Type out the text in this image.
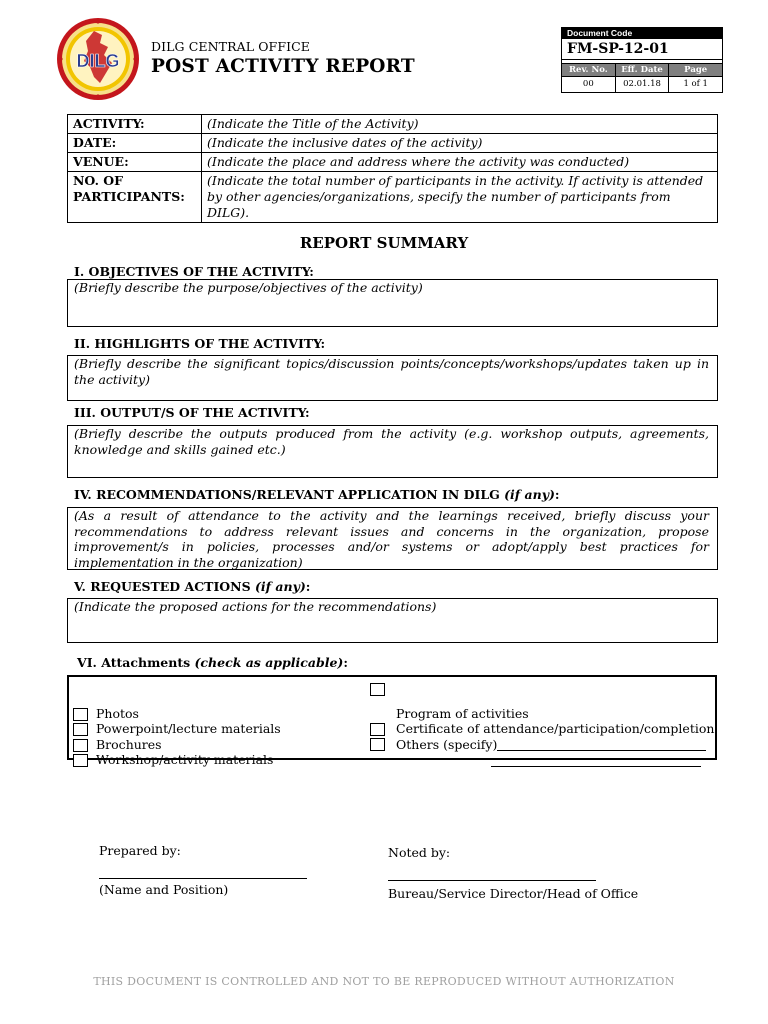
DILG
DILG CENTRAL OFFICE
POST ACTIVITY REPORT
Document Code
FM-SP-12-01
Rev. No.	Eff. Date	Page
00	02.01.18	1 of 1
ACTIVITY:	(Indicate the Title of the Activity)
DATE:	(Indicate the inclusive dates of the activity)
VENUE:	(Indicate the place and address where the activity was conducted)
NO. OF PARTICIPANTS:	(Indicate the total number of participants in the activity. If activity is attended by other agencies/organizations, specify the number of participants from DILG).
REPORT SUMMARY
I. OBJECTIVES OF THE ACTIVITY:
(Briefly describe the purpose/objectives of the activity)
II. HIGHLIGHTS OF THE ACTIVITY:
(Briefly describe the significant topics/discussion points/concepts/workshops/updates taken up in the activity)
III. OUTPUT/S OF THE ACTIVITY:
(Briefly describe the outputs produced from the activity (e.g. workshop outputs, agreements, knowledge and skills gained etc.)
IV. RECOMMENDATIONS/RELEVANT APPLICATION IN DILG (if any):
(As a result of attendance to the activity and the learnings received, briefly discuss your recommendations to address relevant issues and concerns in the organization, propose improvement/s in policies, processes and/or systems or adopt/apply best practices for implementation in the organization)
V. REQUESTED ACTIONS (if any):
(Indicate the proposed actions for the recommendations)
VI. Attachments (check as applicable):
Photos
Powerpoint/lecture materials
Brochures
Workshop/activity materials
Program of activities
Certificate of attendance/participation/completion
Others (specify)
Prepared by:
(Name and Position)
Noted by:
Bureau/Service Director/Head of Office
THIS DOCUMENT IS CONTROLLED AND NOT TO BE REPRODUCED WITHOUT AUTHORIZATION
